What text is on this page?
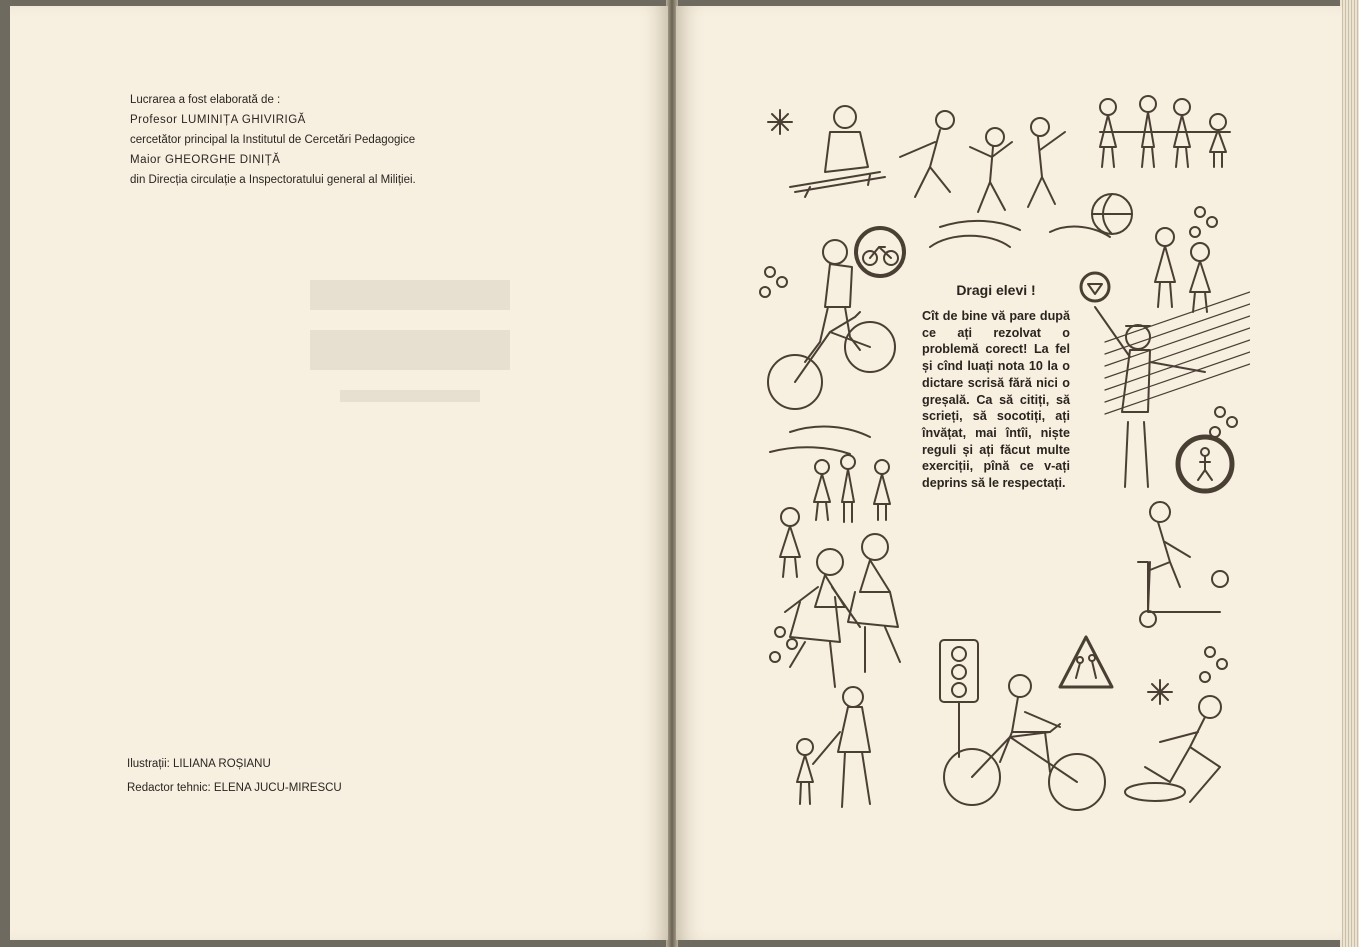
Lucrarea a fost elaborată de :
Profesor LUMINIȚA GHIVIRIGĂ
cercetător principal la Institutul de Cercetări Pedagogice
Maior GHEORGHE DINIȚĂ
din Direcția circulație a Inspectoratului general al Miliției.
Ilustrații: LILIANA ROȘIANU
Redactor tehnic: ELENA JUCU-MIRESCU
Dragi elevi !
Cît de bine vă pare după ce ați rezolvat o problemă corect! La fel și cînd luați nota 10 la o dictare scrisă fără nici o greșală. Ca să citiți, să scrieți, să socotiți, ați învățat, mai întîi, niște reguli și ați făcut multe exerciții, pînă ce v-ați deprins să le respectați.
